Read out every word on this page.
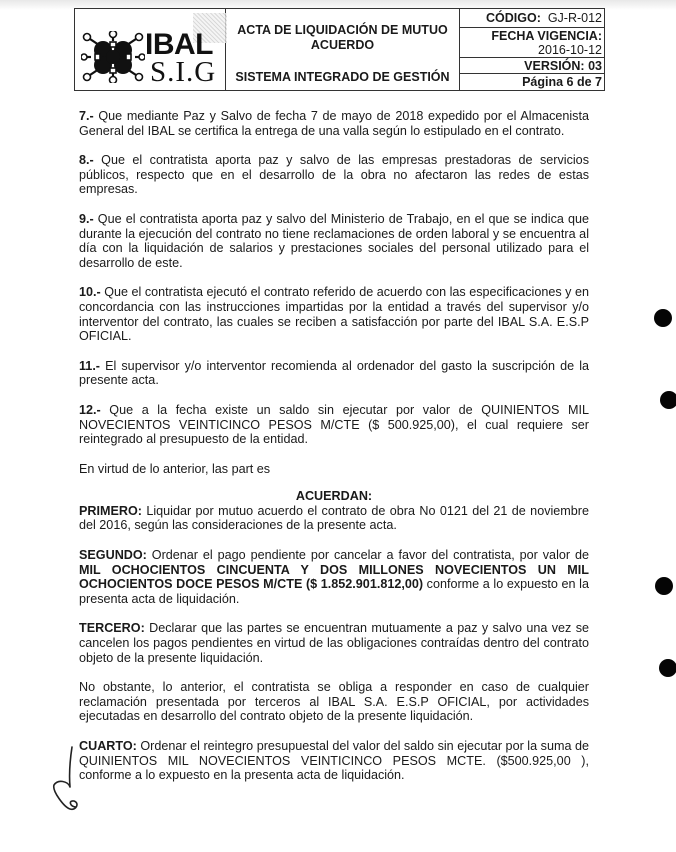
IBAL
S.I.G
ACTA DE LIQUIDACIÓN DE MUTUO
ACUERDO
SISTEMA INTEGRADO DE GESTIÓN
CÓDIGO: GJ-R-012
FECHA VIGENCIA:
2016-10-12
VERSIÓN: 03
Página 6 de 7

7.- Que mediante Paz y Salvo de fecha 7 de mayo de 2018 expedido por el Almacenista General del IBAL se certifica la entrega de una valla según lo estipulado en el contrato.

8.- Que el contratista aporta paz y salvo de las empresas prestadoras de servicios públicos, respecto que en el desarrollo de la obra no afectaron las redes de estas empresas.

9.- Que el contratista aporta paz y salvo del Ministerio de Trabajo, en el que se indica que durante la ejecución del contrato no tiene reclamaciones de orden laboral y se encuentra al día con la liquidación de salarios y prestaciones sociales del personal utilizado para el desarrollo de este.

10.- Que el contratista ejecutó el contrato referido de acuerdo con las especificaciones y en concordancia con las instrucciones impartidas por la entidad a través del supervisor y/o interventor del contrato, las cuales se reciben a satisfacción por parte del IBAL S.A. E.S.P OFICIAL.

11.- El supervisor y/o interventor recomienda al ordenador del gasto la suscripción de la presente acta.

12.- Que a la fecha existe un saldo sin ejecutar por valor de QUINIENTOS MIL NOVECIENTOS VEINTICINCO PESOS M/CTE ($ 500.925,00), el cual requiere ser reintegrado al presupuesto de la entidad.

En virtud de lo anterior, las part es

ACUERDAN:

PRIMERO: Liquidar por mutuo acuerdo el contrato de obra No 0121 del 21 de noviembre del 2016, según las consideraciones de la presente acta.

SEGUNDO: Ordenar el pago pendiente por cancelar a favor del contratista, por valor de MIL OCHOCIENTOS CINCUENTA Y DOS MILLONES NOVECIENTOS UN MIL OCHOCIENTOS DOCE PESOS M/CTE ($ 1.852.901.812,00) conforme a lo expuesto en la presenta acta de liquidación.

TERCERO: Declarar que las partes se encuentran mutuamente a paz y salvo una vez se cancelen los pagos pendientes en virtud de las obligaciones contraídas dentro del contrato objeto de la presente liquidación.

No obstante, lo anterior, el contratista se obliga a responder en caso de cualquier reclamación presentada por terceros al IBAL S.A. E.S.P OFICIAL, por actividades ejecutadas en desarrollo del contrato objeto de la presente liquidación.

CUARTO: Ordenar el reintegro presupuestal del valor del saldo sin ejecutar por la suma de QUINIENTOS MIL NOVECIENTOS VEINTICINCO PESOS MCTE. ($500.925,00 ), conforme a lo expuesto en la presenta acta de liquidación.
